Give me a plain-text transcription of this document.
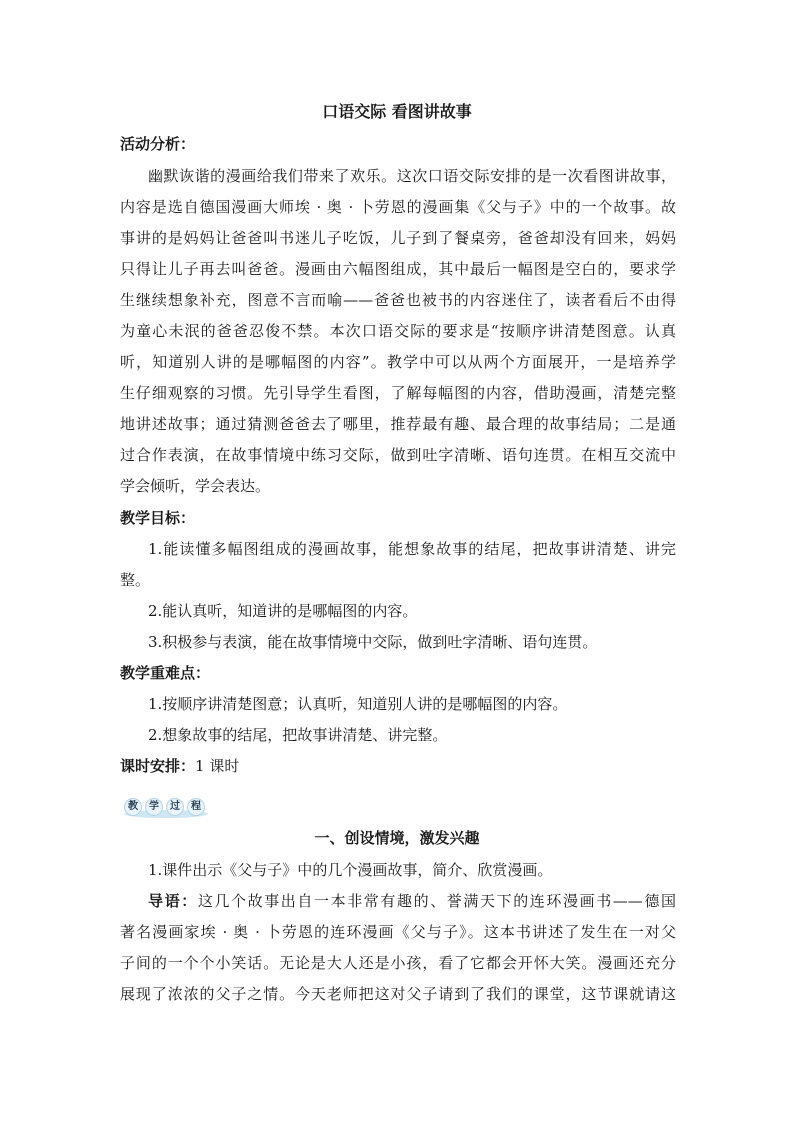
口语交际 看图讲故事
活动分析：
幽默诙谐的漫画给我们带来了欢乐。这次口语交际安排的是一次看图讲故事，
内容是选自德国漫画大师埃 · 奥 · 卜劳恩的漫画集《父与子》中的一个故事。故
事讲的是妈妈让爸爸叫书迷儿子吃饭，儿子到了餐桌旁，爸爸却没有回来，妈妈
只得让儿子再去叫爸爸。漫画由六幅图组成，其中最后一幅图是空白的，要求学
生继续想象补充，图意不言而喻——爸爸也被书的内容迷住了，读者看后不由得
为童心未泯的爸爸忍俊不禁。本次口语交际的要求是“按顺序讲清楚图意。认真
听，知道别人讲的是哪幅图的内容”。教学中可以从两个方面展开，一是培养学
生仔细观察的习惯。先引导学生看图，了解每幅图的内容，借助漫画，清楚完整
地讲述故事；通过猜测爸爸去了哪里，推荐最有趣、最合理的故事结局；二是通
过合作表演，在故事情境中练习交际，做到吐字清晰、语句连贯。在相互交流中
学会倾听，学会表达。
教学目标：
1.能读懂多幅图组成的漫画故事，能想象故事的结尾，把故事讲清楚、讲完
整。
2.能认真听，知道讲的是哪幅图的内容。
3.积极参与表演，能在故事情境中交际，做到吐字清晰、语句连贯。
教学重难点：
1.按顺序讲清楚图意；认真听，知道别人讲的是哪幅图的内容。
2.想象故事的结尾，把故事讲清楚、讲完整。
课时安排：1 课时
教	学	过	程
一、创设情境，激发兴趣
1.课件出示《父与子》中的几个漫画故事，简介、欣赏漫画。
导语：这几个故事出自一本非常有趣的、誉满天下的连环漫画书——德国
著名漫画家埃 · 奥 · 卜劳恩的连环漫画《父与子》。这本书讲述了发生在一对父
子间的一个个小笑话。无论是大人还是小孩，看了它都会开怀大笑。漫画还充分
展现了浓浓的父子之情。今天老师把这对父子请到了我们的课堂，这节课就请这
